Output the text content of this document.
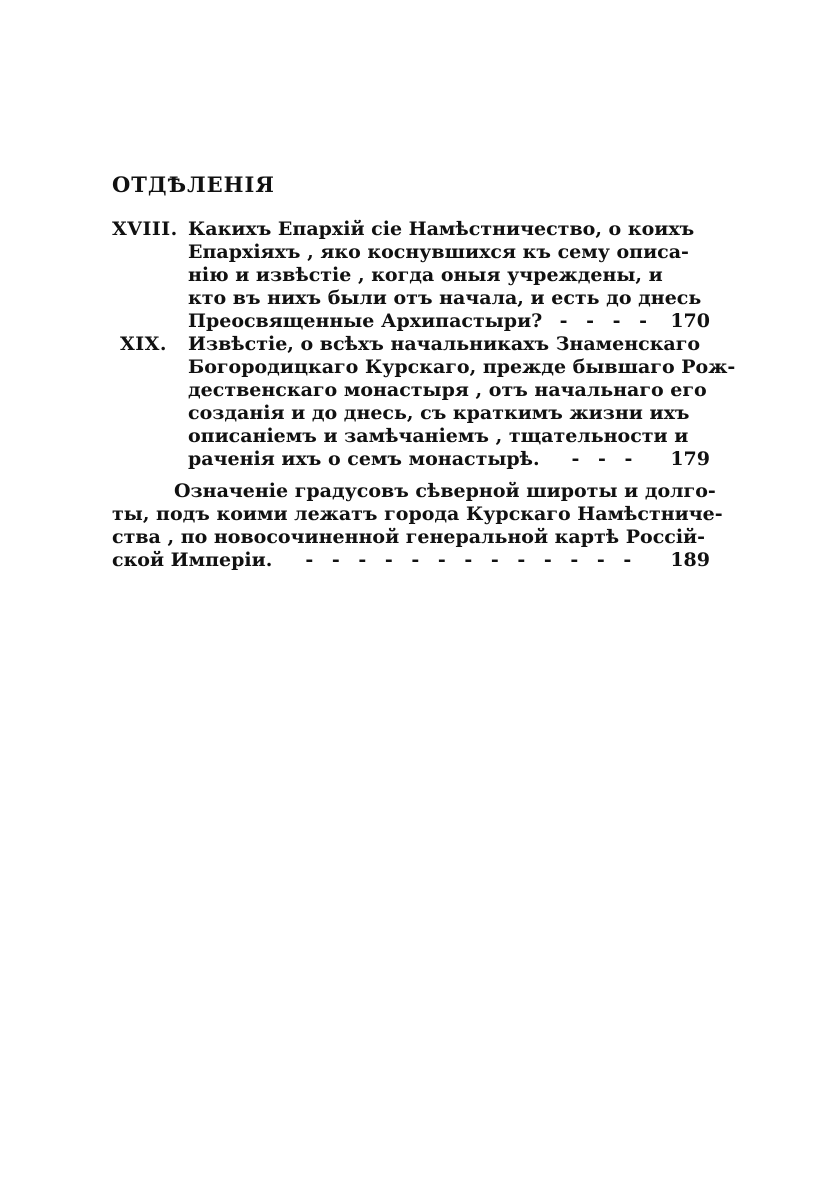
ОТДѢЛЕНІЯ
XVIII. Какихъ Епархій сіе Намѣстничество, о коихъ
Епархіяхъ , яко коснувшихся къ сему описа-
нію и извѣстіе , когда оныя учреждены, и
кто въ нихъ были отъ начала, и есть до днесь
Преосвященные Архипастыри? - - - - 170
XIX. Извѣстіе, о всѣхъ начальникахъ Знаменскаго
Богородицкаго Курскаго, прежде бывшаго Рож-
дественскаго монастыря , отъ начальнаго его
созданія и до днесь, съ краткимъ жизни ихъ
описаніемъ и замѣчаніемъ , тщательности и
раченія ихъ о семъ монастырѣ. - - - 179
Означеніе градусовъ сѣверной широты и долго-
ты, подъ коими лежатъ города Курскаго Намѣстниче-
ства , по новосочиненной генеральной картѣ Россій-
ской Имперіи. - - - - - - - - - - - - - 189
